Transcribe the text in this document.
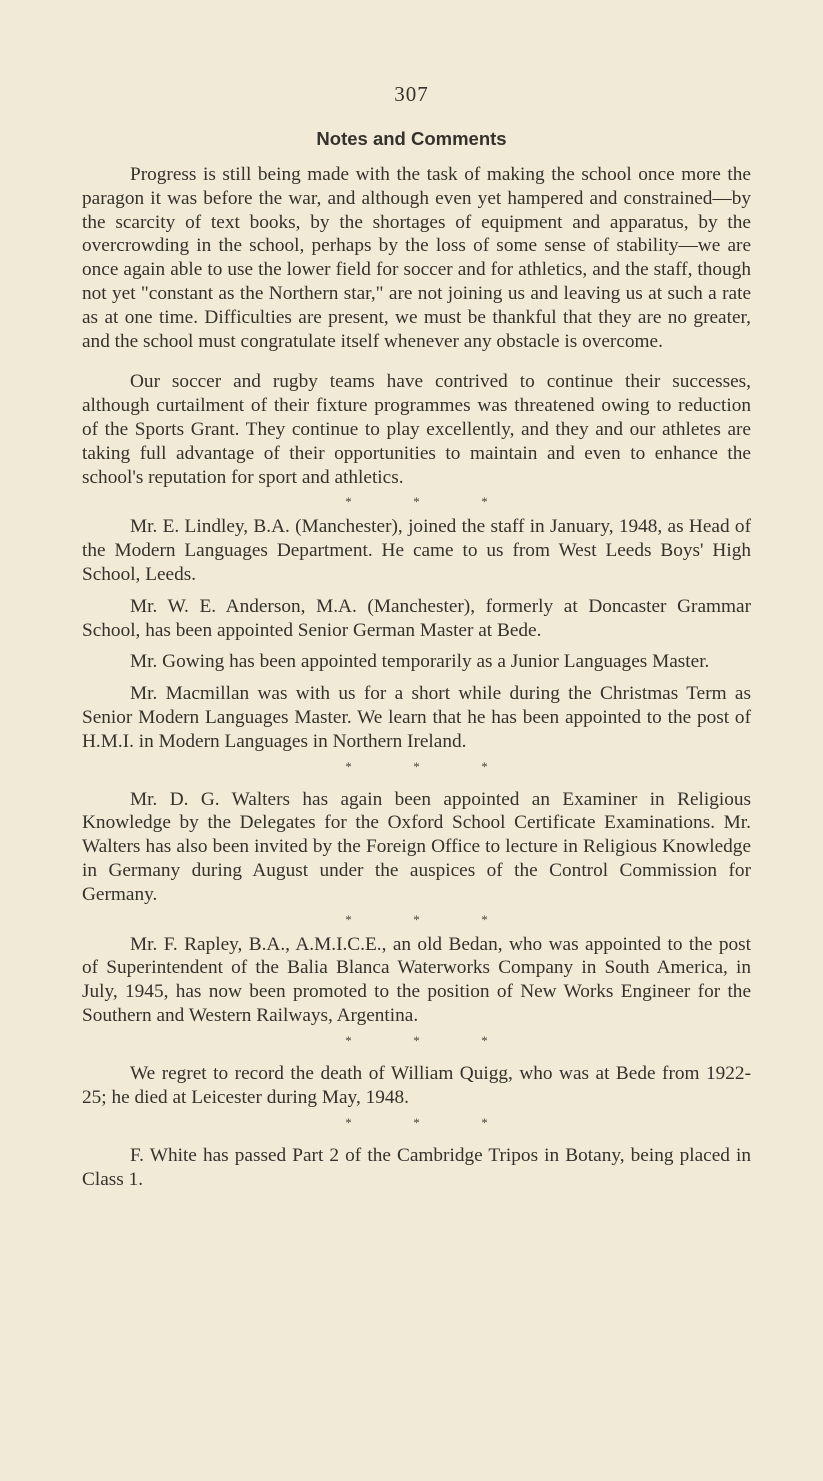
307
Notes and Comments

Progress is still being made with the task of making the school once more the paragon it was before the war, and although even yet hampered and constrained—by the scarcity of text books, by the shortages of equipment and apparatus, by the overcrowding in the school, perhaps by the loss of some sense of stability—we are once again able to use the lower field for soccer and for athletics, and the staff, though not yet "constant as the Northern star," are not joining us and leaving us at such a rate as at one time. Difficulties are present, we must be thankful that they are no greater, and the school must congratulate itself whenever any obstacle is overcome.

Our soccer and rugby teams have contrived to continue their successes, although curtailment of their fixture programmes was threatened owing to reduction of the Sports Grant. They continue to play excellently, and they and our athletes are taking full advantage of their opportunities to maintain and even to enhance the school's reputation for sport and athletics.

*	*	*

Mr. E. Lindley, B.A. (Manchester), joined the staff in January, 1948, as Head of the Modern Languages Department. He came to us from West Leeds Boys' High School, Leeds.

Mr. W. E. Anderson, M.A. (Manchester), formerly at Doncaster Grammar School, has been appointed Senior German Master at Bede.

Mr. Gowing has been appointed temporarily as a Junior Languages Master.

Mr. Macmillan was with us for a short while during the Christmas Term as Senior Modern Languages Master. We learn that he has been appointed to the post of H.M.I. in Modern Languages in Northern Ireland.

*	*	*

Mr. D. G. Walters has again been appointed an Examiner in Religious Knowledge by the Delegates for the Oxford School Certificate Examinations. Mr. Walters has also been invited by the Foreign Office to lecture in Religious Knowledge in Germany during August under the auspices of the Control Commission for Germany.

*	*	*

Mr. F. Rapley, B.A., A.M.I.C.E., an old Bedan, who was appointed to the post of Superintendent of the Balia Blanca Waterworks Company in South America, in July, 1945, has now been promoted to the position of New Works Engineer for the Southern and Western Railways, Argentina.

*	*	*

We regret to record the death of William Quigg, who was at Bede from 1922-25; he died at Leicester during May, 1948.

*	*	*

F. White has passed Part 2 of the Cambridge Tripos in Botany, being placed in Class 1.
